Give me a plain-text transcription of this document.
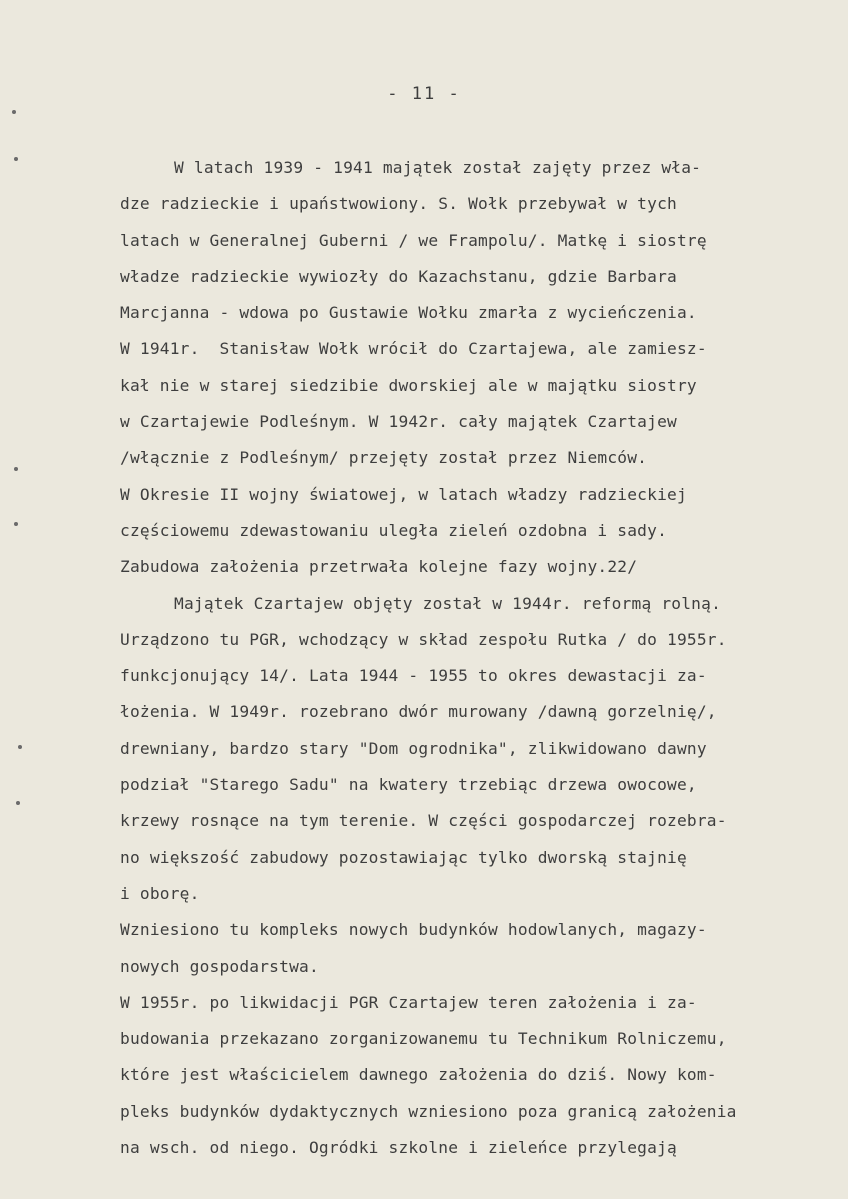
- 11 -
W latach 1939 - 1941 majątek został zajęty przez wła-
dze radzieckie i upaństwowiony. S. Wołk przebywał w tych
latach w Generalnej Guberni / we Frampolu/. Matkę i siostrę
władze radzieckie wywiozły do Kazachstanu, gdzie Barbara
Marcjanna - wdowa po Gustawie Wołku zmarła z wycieńczenia.
W 1941r.  Stanisław Wołk wrócił do Czartajewa, ale zamiesz-
kał nie w starej siedzibie dworskiej ale w majątku siostry
w Czartajewie Podleśnym. W 1942r. cały majątek Czartajew
/włącznie z Podleśnym/ przejęty został przez Niemców.
W Okresie II wojny światowej, w latach władzy radzieckiej
częściowemu zdewastowaniu uległa zieleń ozdobna i sady.
Zabudowa założenia przetrwała kolejne fazy wojny.22/
Majątek Czartajew objęty został w 1944r. reformą rolną.
Urządzono tu PGR, wchodzący w skład zespołu Rutka / do 1955r.
funkcjonujący 14/. Lata 1944 - 1955 to okres dewastacji za-
łożenia. W 1949r. rozebrano dwór murowany /dawną gorzelnię/,
drewniany, bardzo stary "Dom ogrodnika", zlikwidowano dawny
podział "Starego Sadu" na kwatery trzebiąc drzewa owocowe,
krzewy rosnące na tym terenie. W części gospodarczej rozebra-
no większość zabudowy pozostawiając tylko dworską stajnię
i oborę.
Wzniesiono tu kompleks nowych budynków hodowlanych, magazy-
nowych gospodarstwa.
W 1955r. po likwidacji PGR Czartajew teren założenia i za-
budowania przekazano zorganizowanemu tu Technikum Rolniczemu,
które jest właścicielem dawnego założenia do dziś. Nowy kom-
pleks budynków dydaktycznych wzniesiono poza granicą założenia
na wsch. od niego. Ogródki szkolne i zieleńce przylegają
